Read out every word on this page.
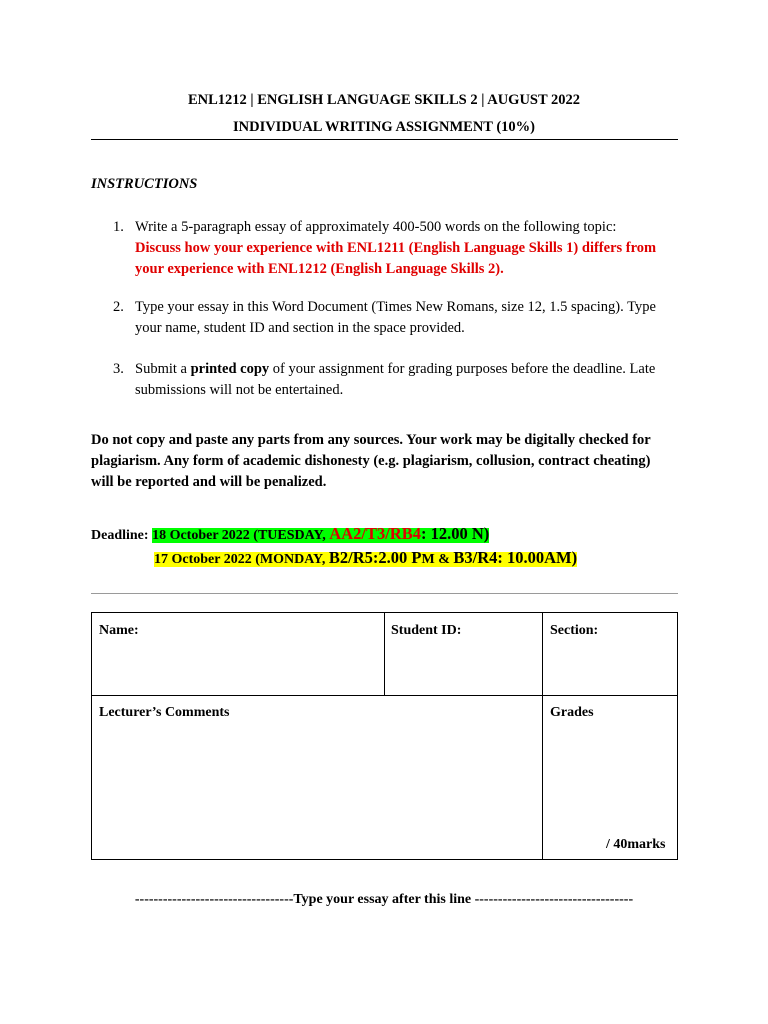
ENL1212 | ENGLISH LANGUAGE SKILLS 2 | AUGUST 2022
INDIVIDUAL WRITING ASSIGNMENT (10%)
INSTRUCTIONS
1. Write a 5-paragraph essay of approximately 400-500 words on the following topic:
Discuss how your experience with ENL1211 (English Language Skills 1) differs from your experience with ENL1212 (English Language Skills 2).
2. Type your essay in this Word Document (Times New Romans, size 12, 1.5 spacing). Type your name, student ID and section in the space provided.
3. Submit a printed copy of your assignment for grading purposes before the deadline. Late submissions will not be entertained.
Do not copy and paste any parts from any sources. Your work may be digitally checked for plagiarism. Any form of academic dishonesty (e.g. plagiarism, collusion, contract cheating) will be reported and will be penalized.
Deadline: 18 October 2022 (TUESDAY, AA2/T3/RB4: 12.00 N)
17 October 2022 (MONDAY, B2/R5:2.00 PM & B3/R4: 10.00AM)
Name:	Student ID:	Section:
Lecturer’s Comments	Grades
/ 40marks
----------------------------------Type your essay after this line ----------------------------------
